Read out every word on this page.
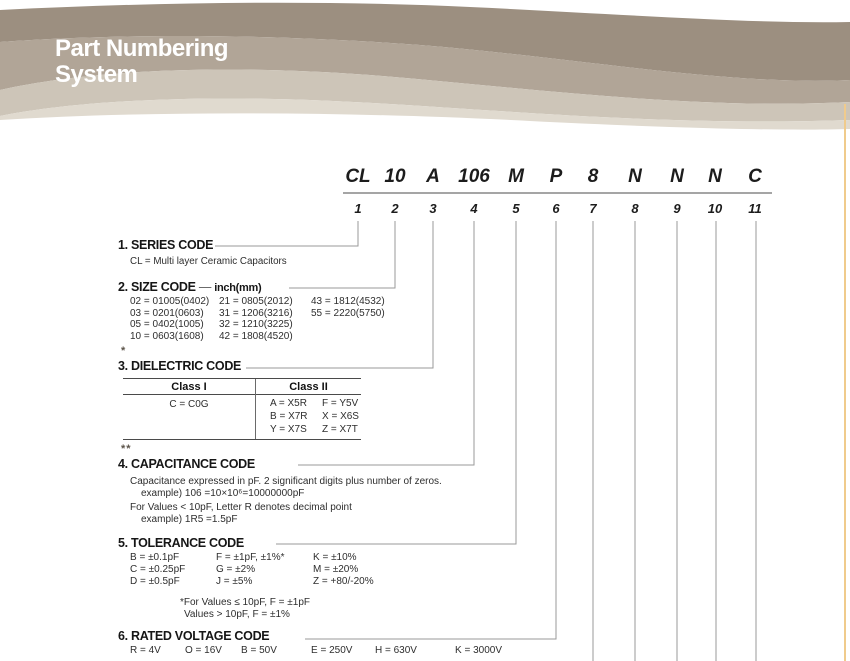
Part Numbering
System
CL 10 A 106 M P 8 N N N C
1 2 3	4	5	6 7	8	9 10 11
1. SERIES CODE
CL = Multi layer Ceramic Capacitors
2. SIZE CODE — inch(mm)
02 = 01005(0402) 21 = 0805(2012)	43 = 1812(4532)
03 = 0201(0603)	31 = 1206(3216)	55 = 2220(5750)
05 = 0402(1005)	32 = 1210(3225)
10 = 0603(1608)	42 = 1808(4520)
*
3. DIELECTRIC CODE
Class I
C = C0G
Class II
A = X5R	F = Y5V
B = X7R	X = X6S
Y = X7S	Z = X7T
**
4. CAPACITANCE CODE
Capacitance expressed in pF. 2 significant digits plus number of zeros.
example) 106 =10×10⁶=10000000pF
For Values < 10pF, Letter R denotes decimal point
example) 1R5 =1.5pF
5. TOLERANCE CODE
B = ±0.1pF	F = ±1pF, ±1%*	K = ±10%
C = ±0.25pF	G = ±2%	M = ±20%
D = ±0.5pF	J = ±5%	Z = +80/-20%
*For Values ≤ 10pF, F = ±1pF
Values > 10pF, F = ±1%
6. RATED VOLTAGE CODE
R = 4V	O = 16V	B = 50V	E = 250V	H = 630V	K = 3000V
